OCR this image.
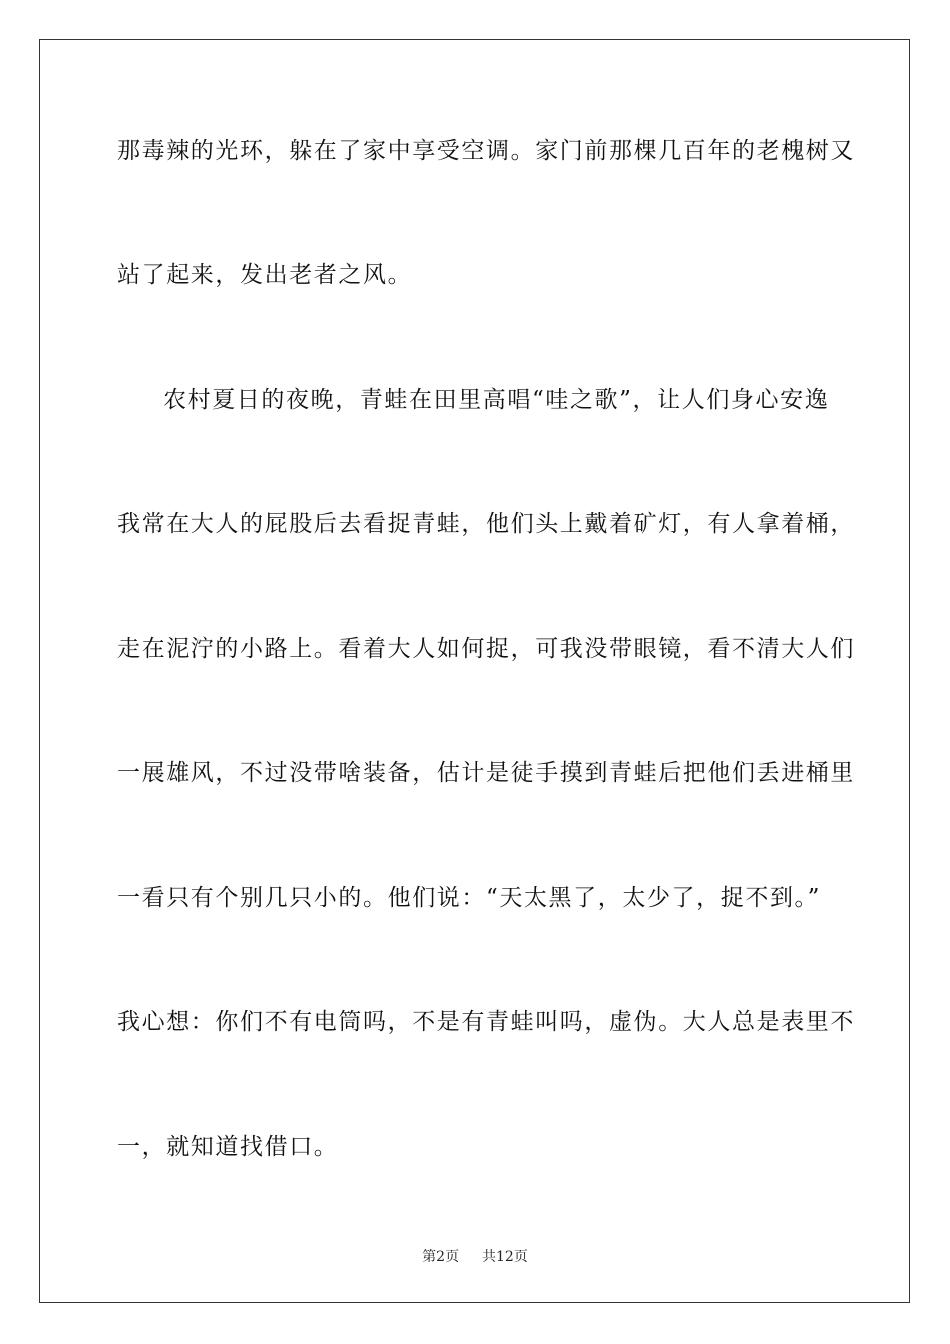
那毒辣的光环，躲在了家中享受空调。家门前那棵几百年的老槐树又
站了起来，发出老者之风。
农村夏日的夜晚，青蛙在田里高唱“哇之歌”，让人们身心安逸
我常在大人的屁股后去看捉青蛙，他们头上戴着矿灯，有人拿着桶，
走在泥泞的小路上。看着大人如何捉，可我没带眼镜，看不清大人们
一展雄风，不过没带啥装备，估计是徒手摸到青蛙后把他们丢进桶里
一看只有个别几只小的。他们说：“天太黑了，太少了，捉不到。”
我心想：你们不有电筒吗，不是有青蛙叫吗，虚伪。大人总是表里不
一，就知道找借口。
第2页 共12页
